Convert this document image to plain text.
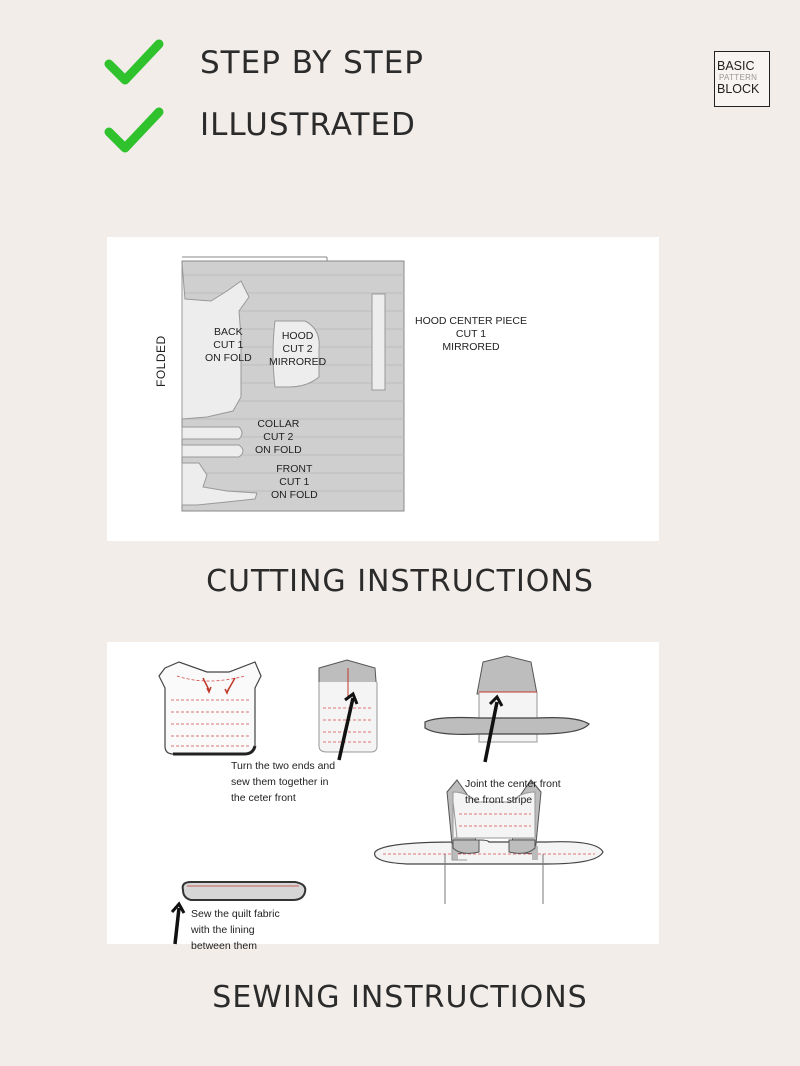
STEP BY STEP
ILLUSTRATED
BASIC
PATTERN
BLOCK
FOLDED
BACK
CUT 1
ON FOLD
HOOD
CUT 2
MIRRORED
HOOD CENTER PIECE
CUT 1
MIRRORED
COLLAR
CUT 2
ON FOLD
FRONT
CUT 1
ON FOLD
CUTTING INSTRUCTIONS
Turn the two ends and
sew them together in
the ceter front
Joint the center front
the front stripe
Sew the quilt fabric
with the lining
between them
SEWING INSTRUCTIONS
